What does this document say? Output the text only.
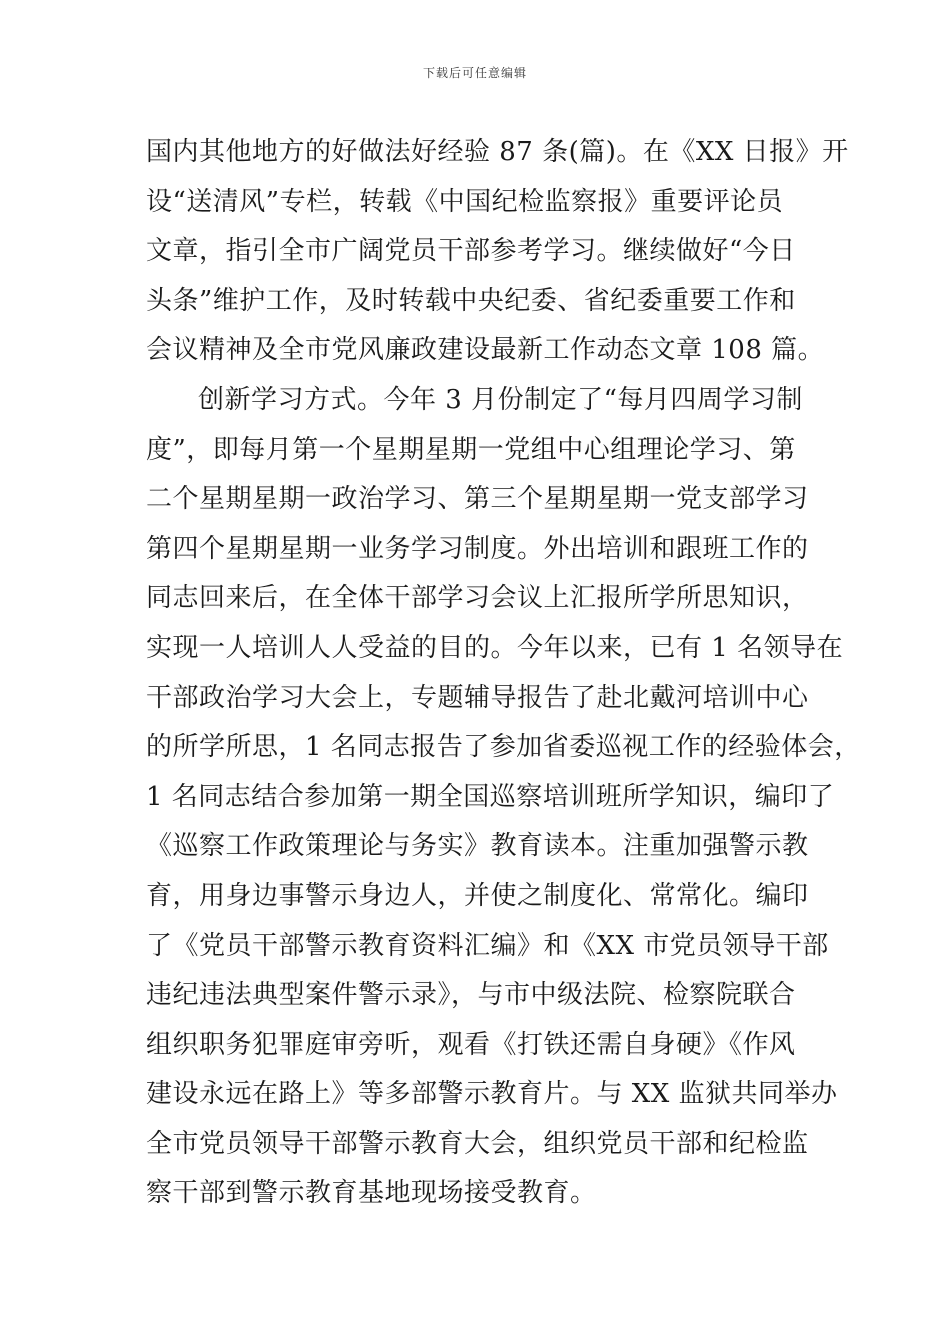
下载后可任意编辑
国内其他地方的好做法好经验 87 条(篇)。在《XX 日报》开
设“送清风”专栏，转载《中国纪检监察报》重要评论员
文章，指引全市广阔党员干部参考学习。继续做好“今日
头条”维护工作，及时转载中央纪委、省纪委重要工作和
会议精神及全市党风廉政建设最新工作动态文章 108 篇。
创新学习方式。今年 3 月份制定了“每月四周学习制
度”，即每月第一个星期星期一党组中心组理论学习、第
二个星期星期一政治学习、第三个星期星期一党支部学习
第四个星期星期一业务学习制度。外出培训和跟班工作的
同志回来后，在全体干部学习会议上汇报所学所思知识，
实现一人培训人人受益的目的。今年以来，已有 1 名领导在
干部政治学习大会上，专题辅导报告了赴北戴河培训中心
的所学所思，1 名同志报告了参加省委巡视工作的经验体会，
1 名同志结合参加第一期全国巡察培训班所学知识，编印了
《巡察工作政策理论与务实》教育读本。注重加强警示教
育，用身边事警示身边人，并使之制度化、常常化。编印
了《党员干部警示教育资料汇编》和《XX 市党员领导干部
违纪违法典型案件警示录》，与市中级法院、检察院联合
组织职务犯罪庭审旁听，观看《打铁还需自身硬》《作风
建设永远在路上》等多部警示教育片。与 XX 监狱共同举办
全市党员领导干部警示教育大会，组织党员干部和纪检监
察干部到警示教育基地现场接受教育。
